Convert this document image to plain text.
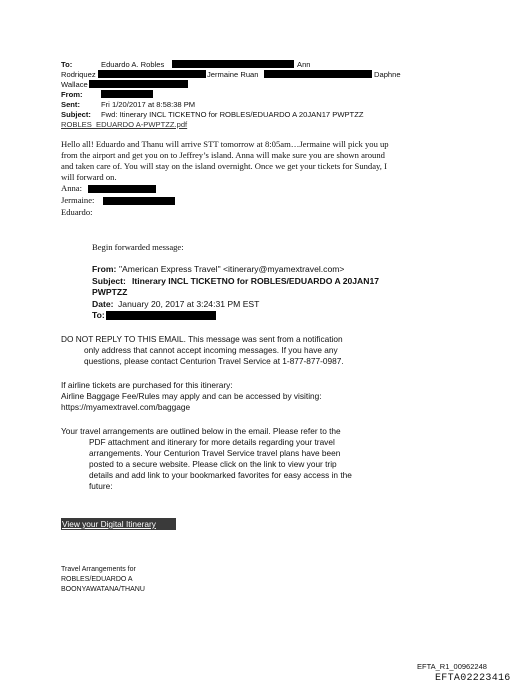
To:	Eduardo A. Robles	Ann
Rodriquez	Jermaine Ruan	Daphne
Wallace
From:
Sent:	Fri 1/20/2017 at 8:58:38 PM
Subject: Fwd: Itinerary INCL TICKETNO for ROBLES/EDUARDO A 20JAN17 PWPTZZ
ROBLES_EDUARDO A-PWPTZZ.pdf
Hello all! Eduardo and Thanu will arrive STT tomorrow at 8:05am…Jermaine will pick you up
from the airport and get you on to Jeffrey’s island. Anna will make sure you are shown around
and taken care of. You will stay on the island overnight. Once we get your tickets for Sunday, I
will forward on.
Anna:
Jermaine:
Eduardo:
Begin forwarded message:
From: "American Express Travel" <itinerary@myamextravel.com>
Subject: Itinerary INCL TICKETNO for ROBLES/EDUARDO A 20JAN17
PWPTZZ
Date: January 20, 2017 at 3:24:31 PM EST
To:
DO NOT REPLY TO THIS EMAIL. This message was sent from a notification
only address that cannot accept incoming messages. If you have any
questions, please contact Centurion Travel Service at 1-877-877-0987.
If airline tickets are purchased for this itinerary:
Airline Baggage Fee/Rules may apply and can be accessed by visiting:
https://myamextravel.com/baggage
Your travel arrangements are outlined below in the email. Please refer to the
PDF attachment and itinerary for more details regarding your travel
arrangements. Your Centurion Travel Service travel plans have been
posted to a secure website. Please click on the link to view your trip
details and add link to your bookmarked favorites for easy access in the
future:
View your Digital Itinerary
Travel Arrangements for
ROBLES/EDUARDO A
BOONYAWATANA/THANU
EFTA_R1_00962248
EFTA02223416
